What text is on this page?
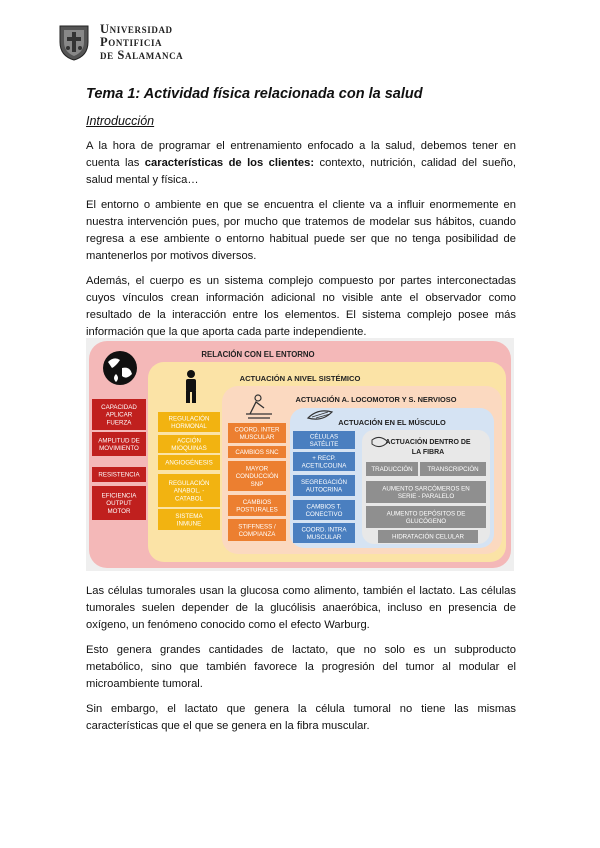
Universidad
Pontificia
de Salamanca
Tema 1: Actividad física relacionada con la salud
Introducción

A la hora de programar el entrenamiento enfocado a la salud, debemos tener en cuenta las características de los clientes: contexto, nutrición, calidad del sueño, salud mental y física…

El entorno o ambiente en que se encuentra el cliente va a influir enormemente en nuestra intervención pues, por mucho que tratemos de modelar sus hábitos, cuando regresa a ese ambiente o entorno habitual puede ser que no tenga posibilidad de mantenerlos por motivos diversos.

Además, el cuerpo es un sistema complejo compuesto por partes interconectadas cuyos vínculos crean información adicional no visible ante el observador como resultado de la interacción entre los elementos. El sistema complejo posee más información que la que aporta cada parte independiente.

RELACIÓN CON EL ENTORNO
ACTUACIÓN A NIVEL SISTÉMICO
ACTUACIÓN A. LOCOMOTOR Y S. NERVIOSO
ACTUACIÓN EN EL MÚSCULO
ACTUACIÓN DENTRO DE
LA FIBRA
CAPACIDAD
APLICAR
FUERZA
AMPLITUD DE
MOVIMIENTO
RESISTENCIA
EFICIENCIA
OUTPUT
MOTOR
REGULACIÓN
HORMONAL
ACCIÓN
MIOQUINAS
ANGIOGÉNESIS
REGULACIÓN
ANABOL. -
CATABOL
SISTEMA
INMUNE
COORD. INTER
MUSCULAR
CAMBIOS SNC
MAYOR
CONDUCCIÓN
SNP
CAMBIOS
POSTURALES
STIFFNESS /
COMPIANZA
CÉLULAS
SATÉLITE
+ RECP.
ACETILCOLINA
SEGREGACIÓN
AUTOCRINA
CAMBIOS T.
CONECTIVO
COORD. INTRA
MUSCULAR
TRADUCCIÓN TRANSCRIPCIÓN
AUMENTO SARCÓMEROS EN
SERIE - PARALELO
AUMENTO DEPÓSITOS DE
GLUCÓGENO
HIDRATACIÓN CELULAR

Las células tumorales usan la glucosa como alimento, también el lactato. Las células tumorales suelen depender de la glucólisis anaeróbica, incluso en presencia de oxígeno, un fenómeno conocido como el efecto Warburg.

Esto genera grandes cantidades de lactato, que no solo es un subproducto metabólico, sino que también favorece la progresión del tumor al modular el microambiente tumoral.

Sin embargo, el lactato que genera la célula tumoral no tiene las mismas características que el que se genera en la fibra muscular.
